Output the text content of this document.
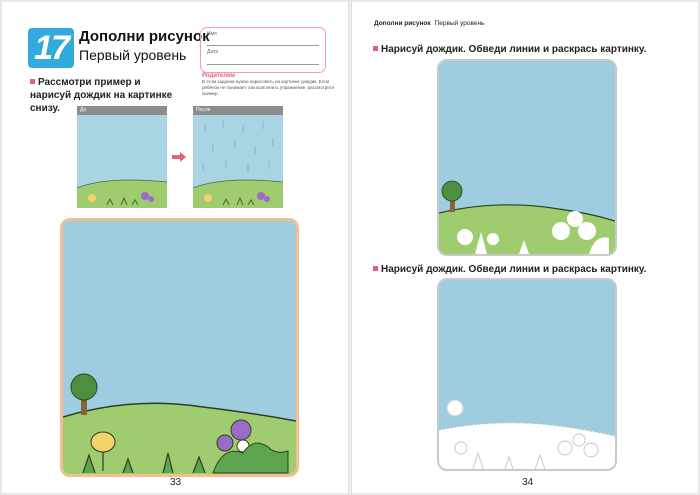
17 Дополни рисунок
Первый уровень
Имя
Дата
Рассмотри пример и нарисуй дождик на картинке снизу.
Родителям
В этом задании нужно нарисовать на картинке дождик. Если ребёнок не понимает, как выполнить упражнение, рассмотрите пример.
До	После
33
Дополни рисунок Первый уровень
Нарисуй дождик. Обведи линии и раскрась картинку.
Нарисуй дождик. Обведи линии и раскрась картинку.
34
